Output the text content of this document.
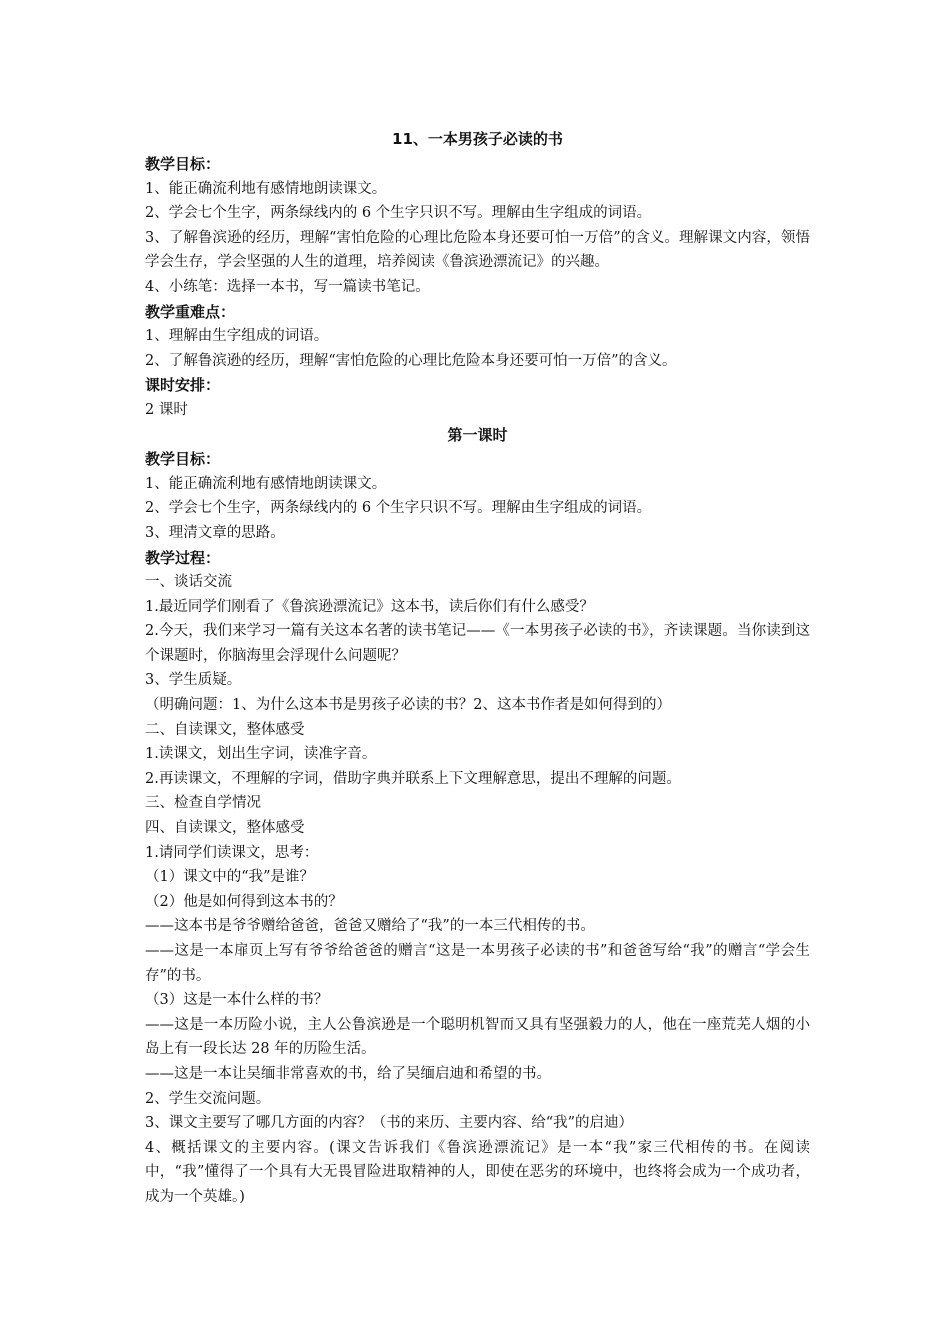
11、一本男孩子必读的书
教学目标：
1、能正确流利地有感情地朗读课文。
2、学会七个生字，两条绿线内的 6 个生字只识不写。理解由生字组成的词语。
3、了解鲁滨逊的经历，理解“害怕危险的心理比危险本身还要可怕一万倍”的含义。理解课文内容，领悟学会生存，学会坚强的人生的道理，培养阅读《鲁滨逊漂流记》的兴趣。
4、小练笔：选择一本书，写一篇读书笔记。
教学重难点：
1、理解由生字组成的词语。
2、了解鲁滨逊的经历，理解“害怕危险的心理比危险本身还要可怕一万倍”的含义。
课时安排：
2 课时
第一课时
教学目标：
1、能正确流利地有感情地朗读课文。
2、学会七个生字，两条绿线内的 6 个生字只识不写。理解由生字组成的词语。
3、理清文章的思路。
教学过程：
一、谈话交流
1.最近同学们刚看了《鲁滨逊漂流记》这本书，读后你们有什么感受？
2.今天，我们来学习一篇有关这本名著的读书笔记——《一本男孩子必读的书》，齐读课题。当你读到这个课题时，你脑海里会浮现什么问题呢？
3、学生质疑。
（明确问题：1、为什么这本书是男孩子必读的书？2、这本书作者是如何得到的）
二、自读课文，整体感受
1.读课文，划出生字词，读准字音。
2.再读课文，不理解的字词，借助字典并联系上下文理解意思，提出不理解的问题。
三、检查自学情况
四、自读课文，整体感受
1.请同学们读课文，思考：
（1）课文中的“我”是谁？
（2）他是如何得到这本书的？
——这本书是爷爷赠给爸爸，爸爸又赠给了“我”的一本三代相传的书。
——这是一本扉页上写有爷爷给爸爸的赠言“这是一本男孩子必读的书”和爸爸写给“我”的赠言“学会生存”的书。
（3）这是一本什么样的书？
——这是一本历险小说，主人公鲁滨逊是一个聪明机智而又具有坚强毅力的人，他在一座荒芜人烟的小岛上有一段长达 28 年的历险生活。
——这是一本让吴缅非常喜欢的书，给了吴缅启迪和希望的书。
2、学生交流问题。
3、课文主要写了哪几方面的内容？（书的来历、主要内容、给“我”的启迪）
4、概括课文的主要内容。(课文告诉我们《鲁滨逊漂流记》是一本“我”家三代相传的书。在阅读中，“我”懂得了一个具有大无畏冒险进取精神的人，即使在恶劣的环境中，也终将会成为一个成功者，成为一个英雄。)
